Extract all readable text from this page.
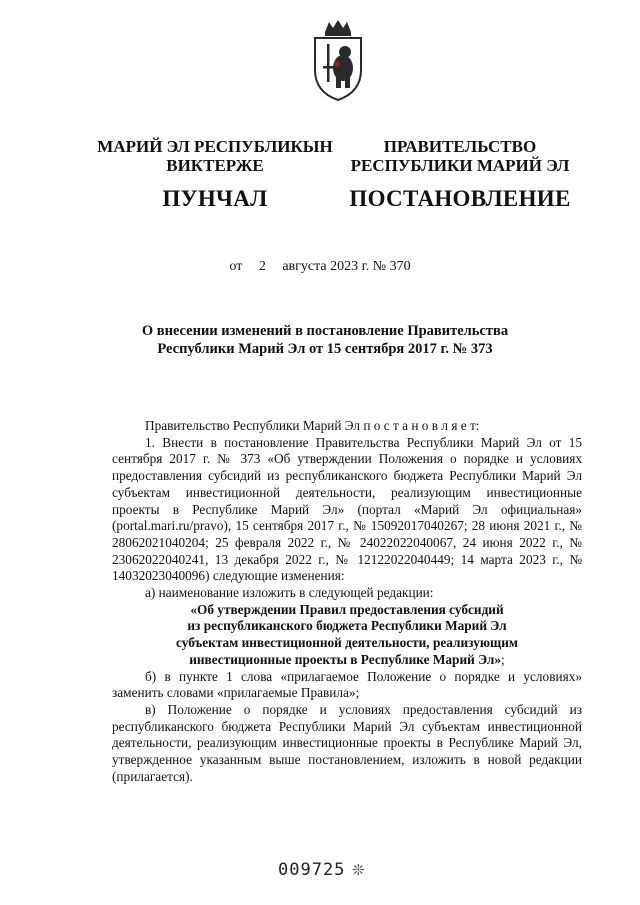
МАРИЙ ЭЛ РЕСПУБЛИКЫН
ВИКТЕРЖЕ
ПУНЧАЛ
ПРАВИТЕЛЬСТВО
РЕСПУБЛИКИ МАРИЙ ЭЛ
ПОСТАНОВЛЕНИЕ
от 2 августа 2023 г. № 370
О внесении изменений в постановление Правительства
Республики Марий Эл от 15 сентября 2017 г. № 373
Правительство Республики Марий Эл п о с т а н о в л я е т:
1. Внести в постановление Правительства Республики Марий Эл от 15 сентября 2017 г. № 373 «Об утверждении Положения о порядке и условиях предоставления субсидий из республиканского бюджета Республики Марий Эл субъектам инвестиционной деятельности, реализующим инвестиционные проекты в Республике Марий Эл» (портал «Марий Эл официальная» (portal.mari.ru/pravo), 15 сентября 2017 г., № 15092017040267; 28 июня 2021 г., № 28062021040204; 25 февраля 2022 г., № 24022022040067, 24 июня 2022 г., № 23062022040241, 13 декабря 2022 г., № 12122022040449; 14 марта 2023 г., № 14032023040096) следующие изменения:
а) наименование изложить в следующей редакции:
«Об утверждении Правил предоставления субсидий
из республиканского бюджета Республики Марий Эл
субъектам инвестиционной деятельности, реализующим
инвестиционные проекты в Республике Марий Эл»;
б) в пункте 1 слова «прилагаемое Положение о порядке и условиях» заменить словами «прилагаемые Правила»;
в) Положение о порядке и условиях предоставления субсидий из республиканского бюджета Республики Марий Эл субъектам инвестиционной деятельности, реализующим инвестиционные проекты в Республике Марий Эл, утвержденное указанным выше постановлением, изложить в новой редакции (прилагается).
009725 ❊
